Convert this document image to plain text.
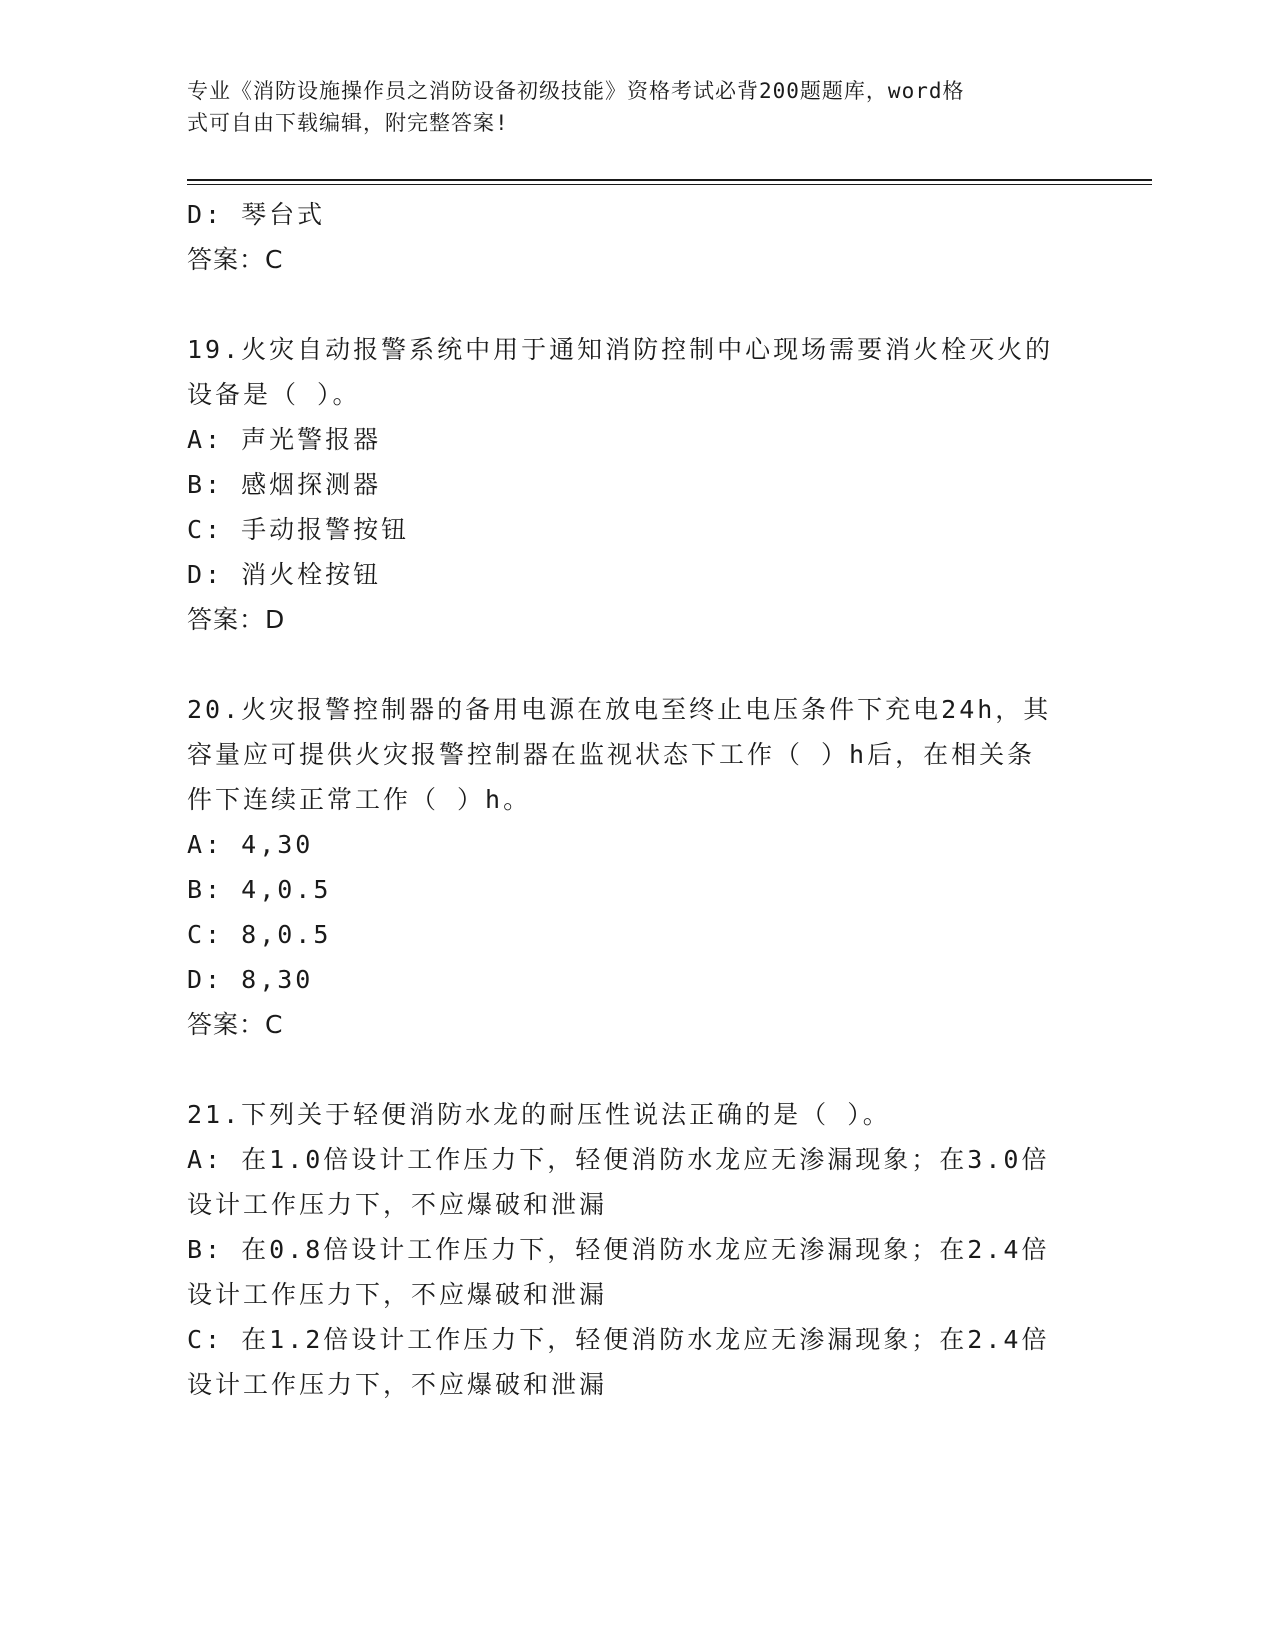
专业《消防设施操作员之消防设备初级技能》资格考试必背200题题库，word格
式可自由下载编辑，附完整答案!
D: 琴台式
答案：C
19.火灾自动报警系统中用于通知消防控制中心现场需要消火栓灭火的
设备是（ ）。
A: 声光警报器
B: 感烟探测器
C: 手动报警按钮
D: 消火栓按钮
答案：D
20.火灾报警控制器的备用电源在放电至终止电压条件下充电24h，其
容量应可提供火灾报警控制器在监视状态下工作（ ）h后，在相关条
件下连续正常工作（ ）h。
A: 4,30
B: 4,0.5
C: 8,0.5
D: 8,30
答案：C
21.下列关于轻便消防水龙的耐压性说法正确的是（ ）。
A: 在1.0倍设计工作压力下，轻便消防水龙应无渗漏现象；在3.0倍
设计工作压力下，不应爆破和泄漏
B: 在0.8倍设计工作压力下，轻便消防水龙应无渗漏现象；在2.4倍
设计工作压力下，不应爆破和泄漏
C: 在1.2倍设计工作压力下，轻便消防水龙应无渗漏现象；在2.4倍
设计工作压力下，不应爆破和泄漏
